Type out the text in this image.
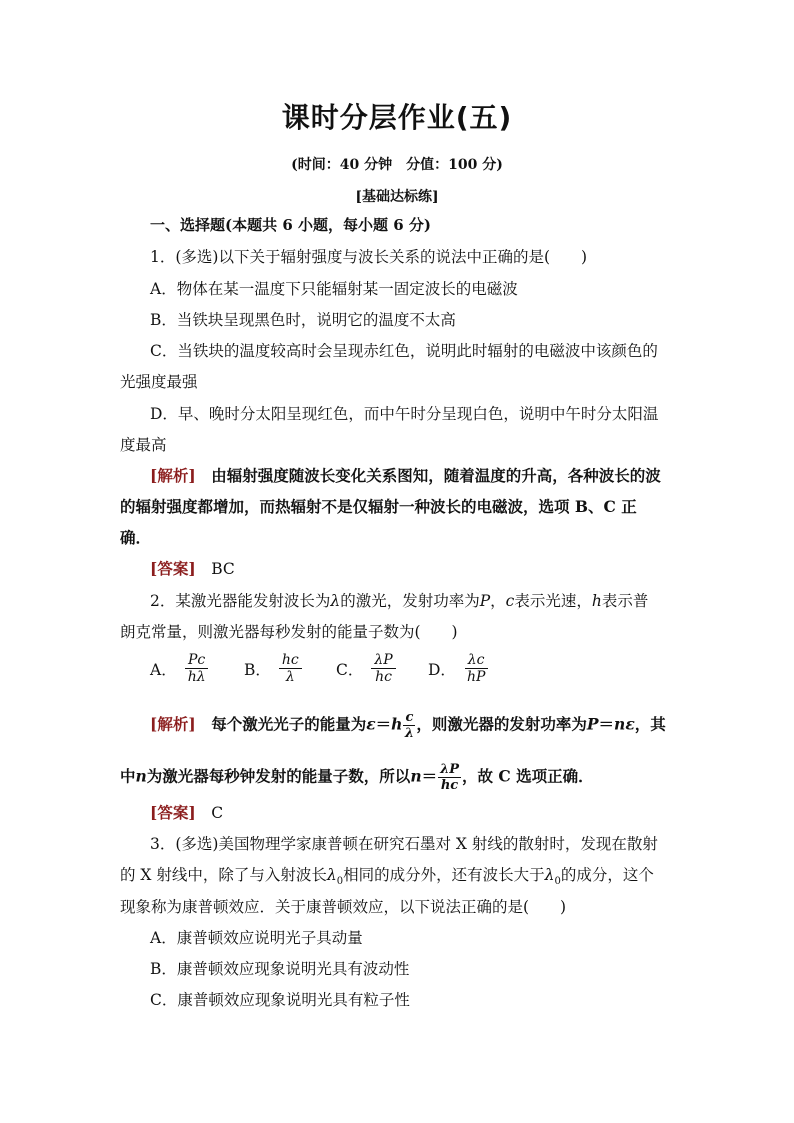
课时分层作业(五)
(时间：40 分钟　分值：100 分)
[基础达标练]
一、选择题(本题共 6 小题，每小题 6 分)
1．(多选)以下关于辐射强度与波长关系的说法中正确的是(　　)
A．物体在某一温度下只能辐射某一固定波长的电磁波
B．当铁块呈现黑色时，说明它的温度不太高
C．当铁块的温度较高时会呈现赤红色，说明此时辐射的电磁波中该颜色的
光强度最强
D．早、晚时分太阳呈现红色，而中午时分呈现白色，说明中午时分太阳温
度最高
[解析]　 由辐射强度随波长变化关系图知，随着温度的升高，各种波长的波
的辐射强度都增加，而热辐射不是仅辐射一种波长的电磁波，选项 B、C 正
确．
[答案]　 BC
2．某激光器能发射波长为λ的激光，发射功率为P，c表示光速，h表示普
朗克常量，则激光器每秒发射的能量子数为(　　)
A． $\frac{Pc}{h\lambda}$ B． $\frac{hc}{\lambda}$ C． $\frac{\lambda P}{hc}$ D． $\frac{\lambda c}{hP}$
[解析]　 每个激光光子的能量为$\varepsilon=h \frac{c}{\lambda}$ ，则激光器的发射功率为P＝nε，其
中n为激光器每秒钟发射的能量子数，所以$n= \frac{\lambda P}{hc}$ ，故 C 选项正确．
[答案]　 C
3．(多选)美国物理学家康普顿在研究石墨对 X 射线的散射时，发现在散射
的 X 射线中，除了与入射波长$\lambda_0$相同的成分外，还有波长大于$\lambda_0$的成分，这个
现象称为康普顿效应．关于康普顿效应，以下说法正确的是(　　)
A．康普顿效应说明光子具动量
B．康普顿效应现象说明光具有波动性
C．康普顿效应现象说明光具有粒子性
